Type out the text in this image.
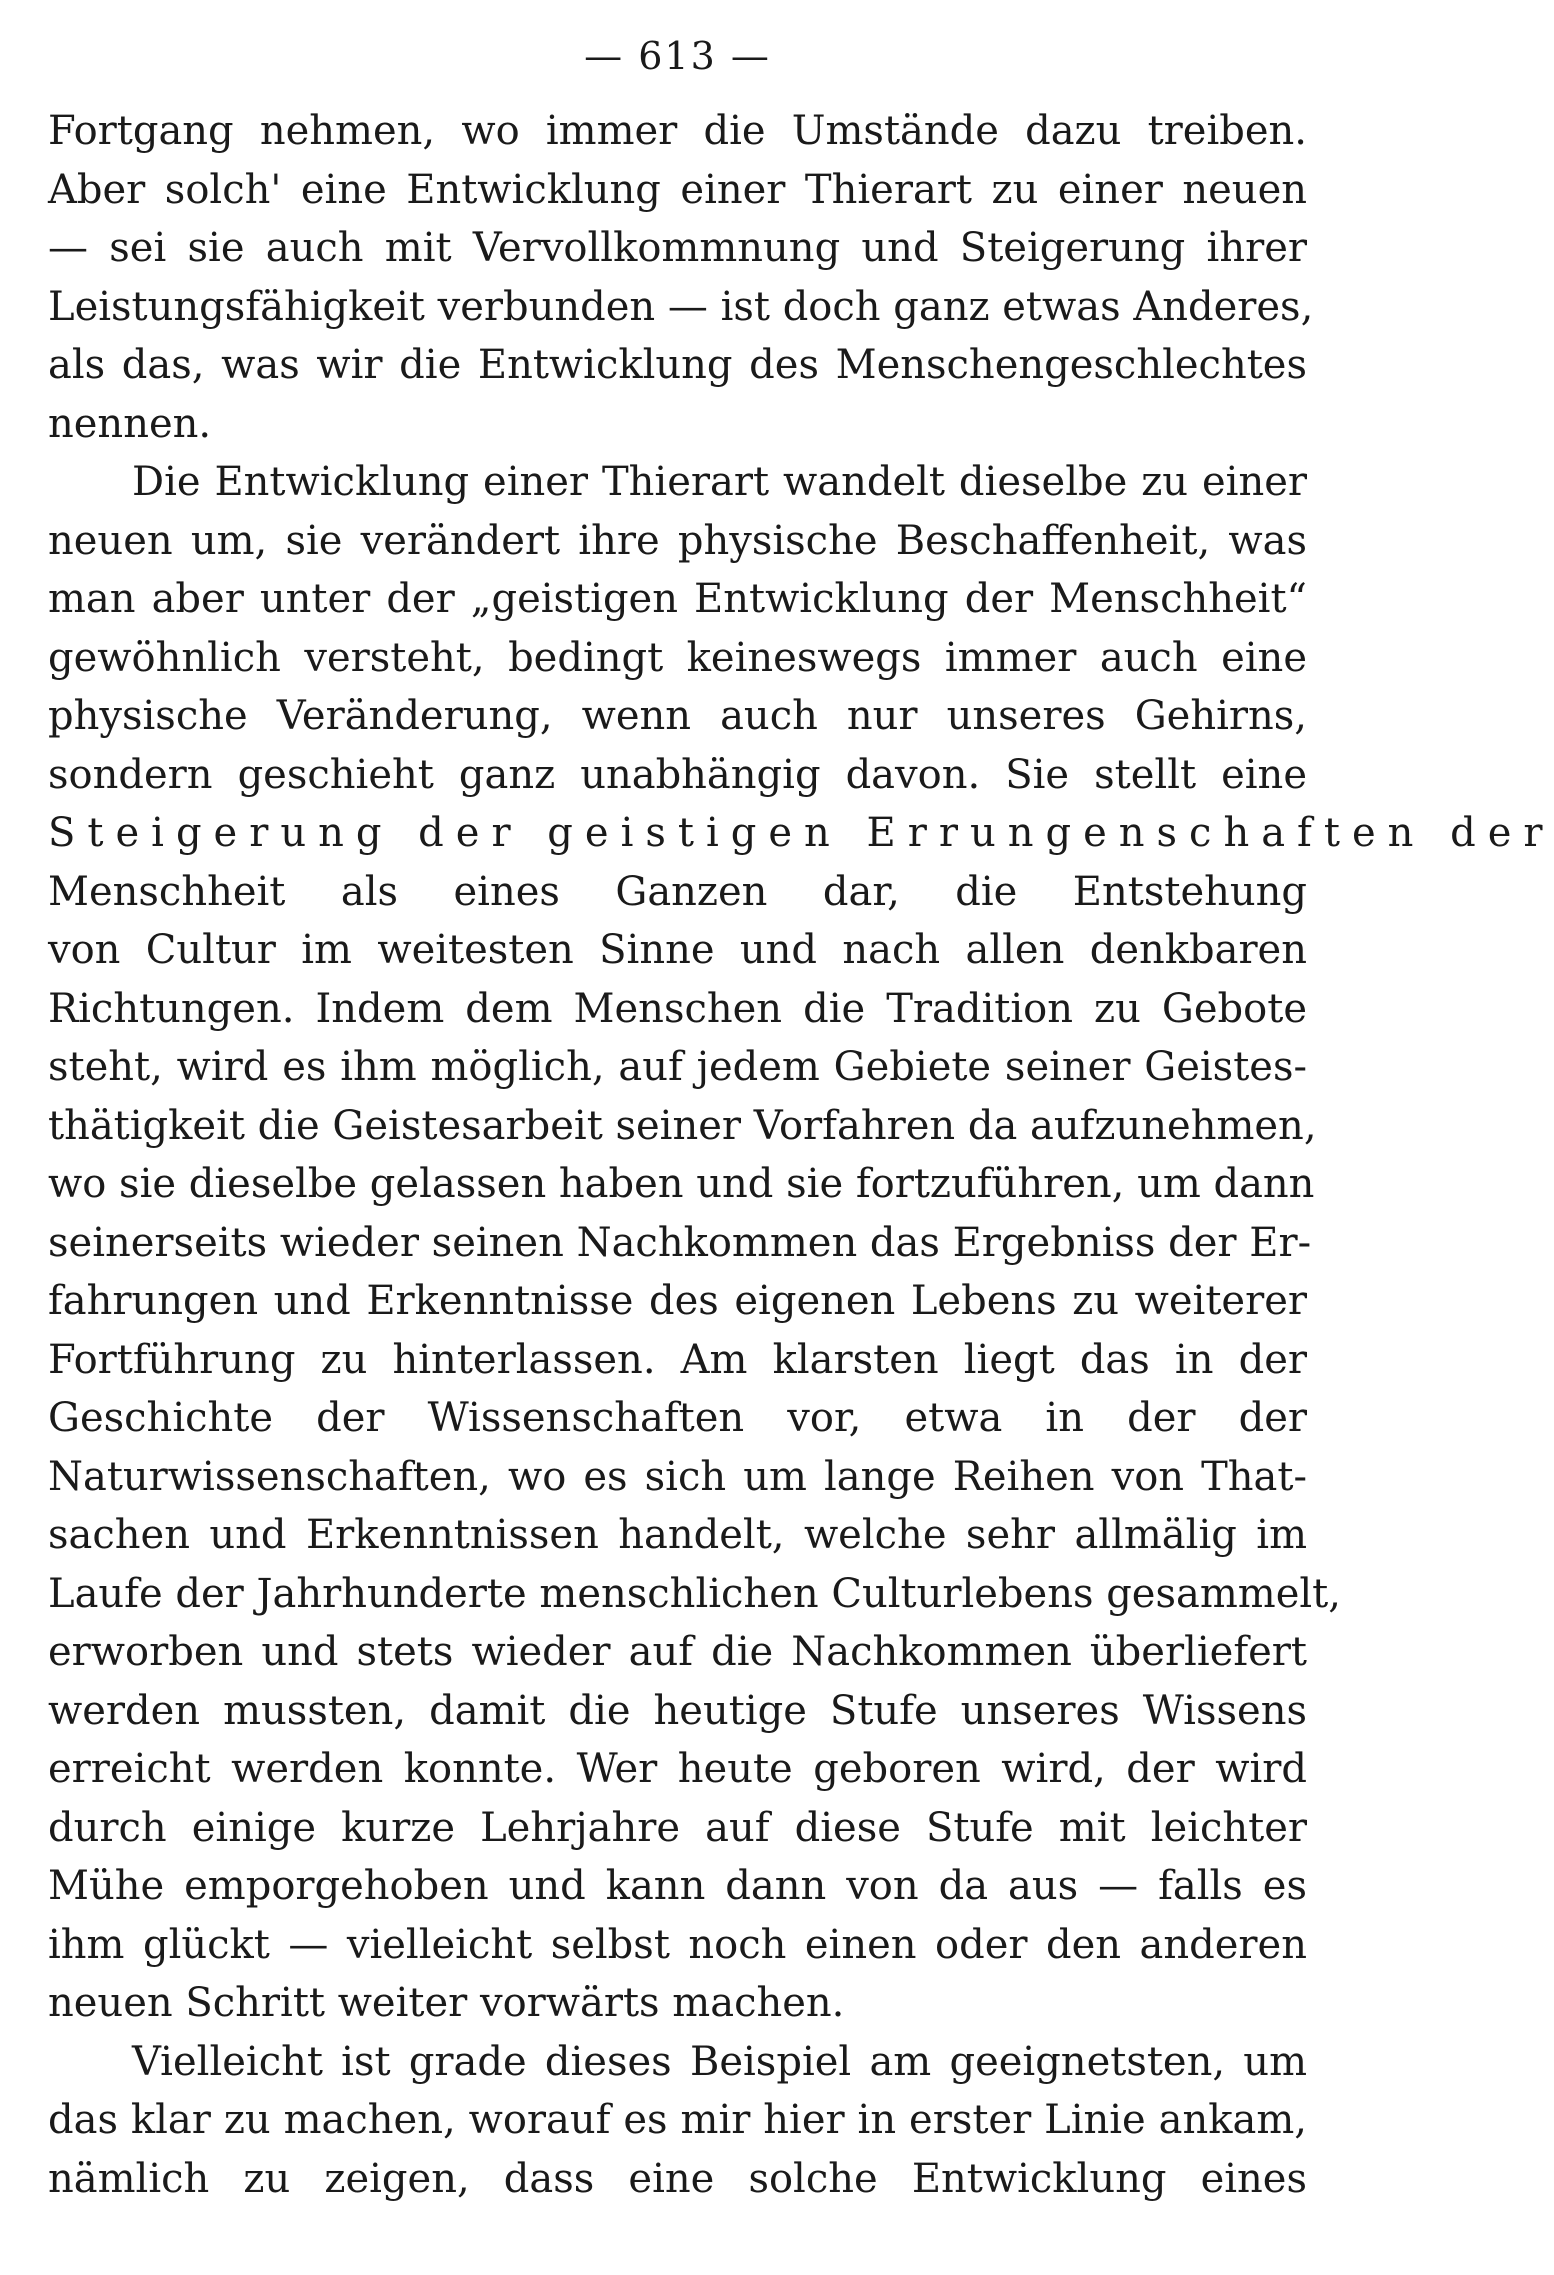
— 613 —
Fortgang nehmen, wo immer die Umstände dazu treiben.
Aber solch' eine Entwicklung einer Thierart zu einer neuen
— sei sie auch mit Vervollkommnung und Steigerung ihrer
Leistungsfähigkeit verbunden — ist doch ganz etwas Anderes,
als das, was wir die Entwicklung des Menschengeschlechtes
nennen.
Die Entwicklung einer Thierart wandelt dieselbe zu einer
neuen um, sie verändert ihre physische Beschaffenheit, was
man aber unter der „geistigen Entwicklung der Menschheit“
gewöhnlich versteht, bedingt keineswegs immer auch eine
physische Veränderung, wenn auch nur unseres Gehirns,
sondern geschieht ganz unabhängig davon. Sie stellt eine
Steigerung der geistigen Errungenschaften der
Menschheit als eines Ganzen dar, die Entstehung
von Cultur im weitesten Sinne und nach allen denkbaren
Richtungen. Indem dem Menschen die Tradition zu Gebote
steht, wird es ihm möglich, auf jedem Gebiete seiner Geistes-
thätigkeit die Geistesarbeit seiner Vorfahren da aufzunehmen,
wo sie dieselbe gelassen haben und sie fortzuführen, um dann
seinerseits wieder seinen Nachkommen das Ergebniss der Er-
fahrungen und Erkenntnisse des eigenen Lebens zu weiterer
Fortführung zu hinterlassen. Am klarsten liegt das in der
Geschichte der Wissenschaften vor, etwa in der der
Naturwissenschaften, wo es sich um lange Reihen von That-
sachen und Erkenntnissen handelt, welche sehr allmälig im
Laufe der Jahrhunderte menschlichen Culturlebens gesammelt,
erworben und stets wieder auf die Nachkommen überliefert
werden mussten, damit die heutige Stufe unseres Wissens
erreicht werden konnte. Wer heute geboren wird, der wird
durch einige kurze Lehrjahre auf diese Stufe mit leichter
Mühe emporgehoben und kann dann von da aus — falls es
ihm glückt — vielleicht selbst noch einen oder den anderen
neuen Schritt weiter vorwärts machen.
Vielleicht ist grade dieses Beispiel am geeignetsten, um
das klar zu machen, worauf es mir hier in erster Linie ankam,
nämlich zu zeigen, dass eine solche Entwicklung eines
